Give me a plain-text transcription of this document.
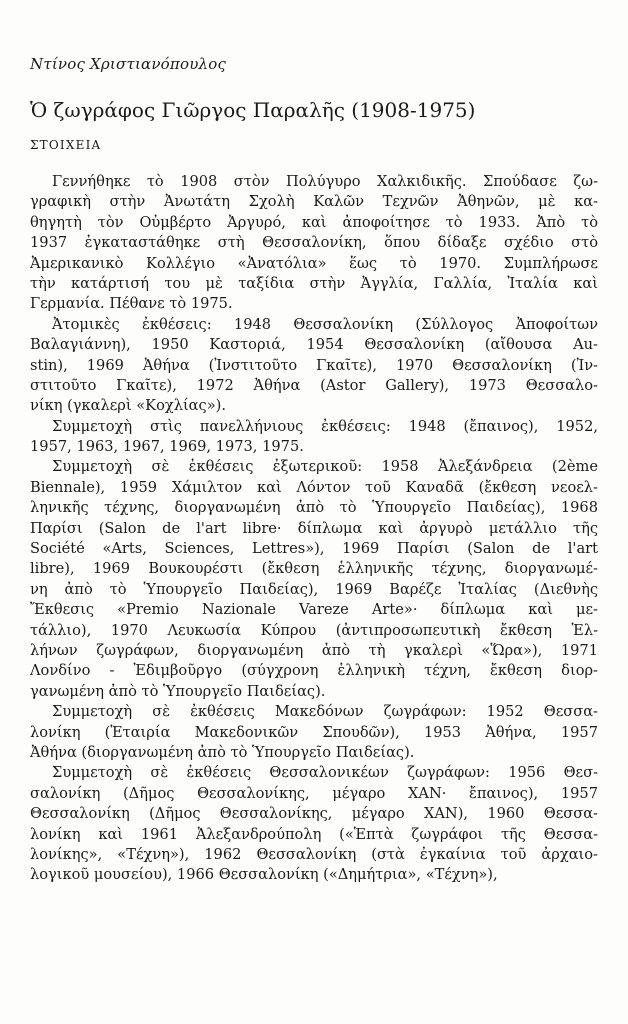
Ντίνος Χριστιανόπουλος
Ὁ ζωγράφος Γιῶργος Παραλῆς (1908-1975)
ΣΤΟΙΧΕΙΑ
Γεννήθηκε τὸ 1908 στὸν Πολύγυρο Χαλκιδικῆς. Σπούδασε ζω-
γραφικὴ στὴν Ἀνωτάτη Σχολὴ Καλῶν Τεχνῶν Ἀθηνῶν, μὲ κα-
θηγητὴ τὸν Οὐμβέρτο Ἀργυρό, καὶ ἀποφοίτησε τὸ 1933. Ἀπὸ τὸ
1937 ἐγκαταστάθηκε στὴ Θεσσαλονίκη, ὅπου δίδαξε σχέδιο στὸ
Ἀμερικανικὸ Κολλέγιο «Ἀνατόλια» ἕως τὸ 1970. Συμπλήρωσε
τὴν κατάρτισή του μὲ ταξίδια στὴν Ἀγγλία, Γαλλία, Ἰταλία καὶ
Γερμανία. Πέθανε τὸ 1975.
Ἀτομικὲς ἐκθέσεις: 1948 Θεσσαλονίκη (Σύλλογος Ἀποφοίτων
Βαλαγιάννη), 1950 Καστοριά, 1954 Θεσσαλονίκη (αἴθουσα Au-
stin), 1969 Ἀθήνα (Ἰνστιτοῦτο Γκαῖτε), 1970 Θεσσαλονίκη (Ἰν-
στιτοῦτο Γκαῖτε), 1972 Ἀθήνα (Astor Gallery), 1973 Θεσσαλο-
νίκη (γκαλερὶ «Κοχλίας»).
Συμμετοχὴ στὶς πανελλήνιους ἐκθέσεις: 1948 (ἔπαινος), 1952,
1957, 1963, 1967, 1969, 1973, 1975.
Συμμετοχὴ σὲ ἐκθέσεις ἐξωτερικοῦ: 1958 Ἀλεξάνδρεια (2ème
Biennale), 1959 Χάμιλτον καὶ Λόντον τοῦ Καναδᾶ (ἔκθεση νεοελ-
ληνικῆς τέχνης, διοργανωμένη ἀπὸ τὸ Ὑπουργεῖο Παιδείας), 1968
Παρίσι (Salon de l'art libre· δίπλωμα καὶ ἀργυρὸ μετάλλιο τῆς
Société «Arts, Sciences, Lettres»), 1969 Παρίσι (Salon de l'art
libre), 1969 Βουκουρέστι (ἔκθεση ἑλληνικῆς τέχνης, διοργανωμέ-
νη ἀπὸ τὸ Ὑπουργεῖο Παιδείας), 1969 Βαρέζε Ἰταλίας (Διεθνὴς
Ἔκθεσις «Premio Nazionale Vareze Arte»· δίπλωμα καὶ με-
τάλλιο), 1970 Λευκωσία Κύπρου (ἀντιπροσωπευτικὴ ἔκθεση Ἑλ-
λήνων ζωγράφων, διοργανωμένη ἀπὸ τὴ γκαλερὶ «Ὥρα»), 1971
Λονδίνο - Ἐδιμβοῦργο (σύγχρονη ἑλληνικὴ τέχνη, ἔκθεση διορ-
γανωμένη ἀπὸ τὸ Ὑπουργεῖο Παιδείας).
Συμμετοχὴ σὲ ἐκθέσεις Μακεδόνων ζωγράφων: 1952 Θεσσα-
λονίκη (Ἑταιρία Μακεδονικῶν Σπουδῶν), 1953 Ἀθήνα, 1957
Ἀθήνα (διοργανωμένη ἀπὸ τὸ Ὑπουργεῖο Παιδείας).
Συμμετοχὴ σὲ ἐκθέσεις Θεσσαλονικέων ζωγράφων: 1956 Θεσ-
σαλονίκη (Δῆμος Θεσσαλονίκης, μέγαρο ΧΑΝ· ἔπαινος), 1957
Θεσσαλονίκη (Δῆμος Θεσσαλονίκης, μέγαρο ΧΑΝ), 1960 Θεσσα-
λονίκη καὶ 1961 Ἀλεξανδρούπολη («Ἑπτὰ ζωγράφοι τῆς Θεσσα-
λονίκης», «Τέχνη»), 1962 Θεσσαλονίκη (στὰ ἐγκαίνια τοῦ ἀρχαιο-
λογικοῦ μουσείου), 1966 Θεσσαλονίκη («Δημήτρια», «Τέχνη»),
